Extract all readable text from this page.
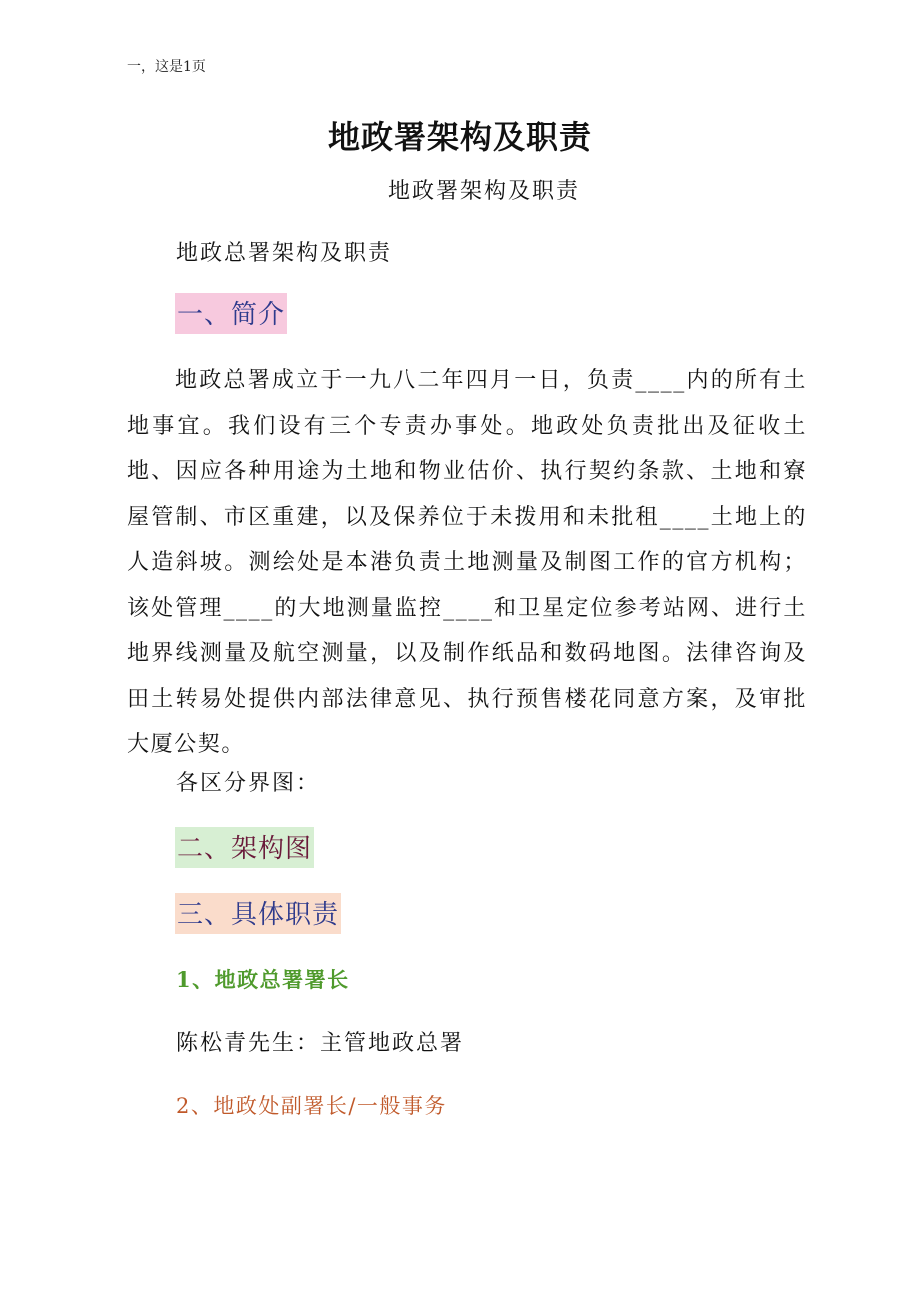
一，这是1页
地政署架构及职责
地政署架构及职责
地政总署架构及职责
一、简介
地政总署成立于一九八二年四月一日，负责____内的所有土地事宜。我们设有三个专责办事处。地政处负责批出及征收土地、因应各种用途为土地和物业估价、执行契约条款、土地和寮屋管制、市区重建，以及保养位于未拨用和未批租____土地上的人造斜坡。测绘处是本港负责土地测量及制图工作的官方机构；该处管理____的大地测量监控____和卫星定位参考站网、进行土地界线测量及航空测量，以及制作纸品和数码地图。法律咨询及田土转易处提供内部法律意见、执行预售楼花同意方案，及审批大厦公契。
各区分界图：
二、架构图
三、具体职责
1、地政总署署长
陈松青先生：主管地政总署
2、地政处副署长/一般事务
